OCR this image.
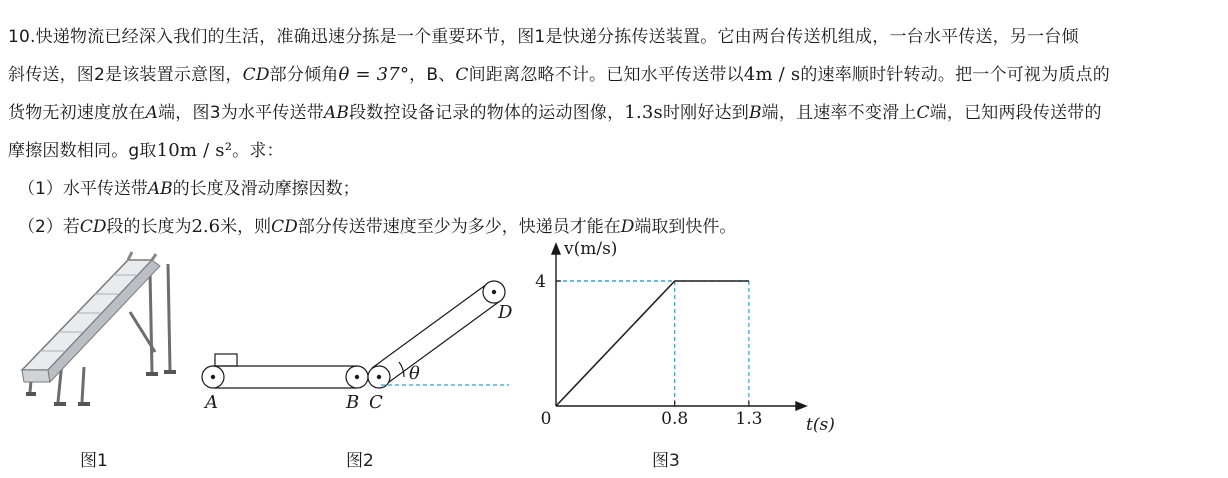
10.快递物流已经深入我们的生活，准确迅速分拣是一个重要环节，图1是快递分拣传送装置。它由两台传送机组成，一台水平传送，另一台倾
斜传送，图2是该装置示意图，CD部分倾角θ = 37°，B、C间距离忽略不计。已知水平传送带以4m / s的速率顺时针转动。把一个可视为质点的
货物无初速度放在A端，图3为水平传送带AB段数控设备记录的物体的运动图像，1.3s时刚好达到B端，且速率不变滑上C端，已知两段传送带的
摩擦因数相同。g取10m / s²。求：
（1）水平传送带AB的长度及滑动摩擦因数；
（2）若CD段的长度为2.6米，则CD部分传送带速度至少为多少，快递员才能在D端取到快件。
图1
A	B C
D
θ
图2
0.8	1.3
0
4
t(s)
v(m/s)
图3
